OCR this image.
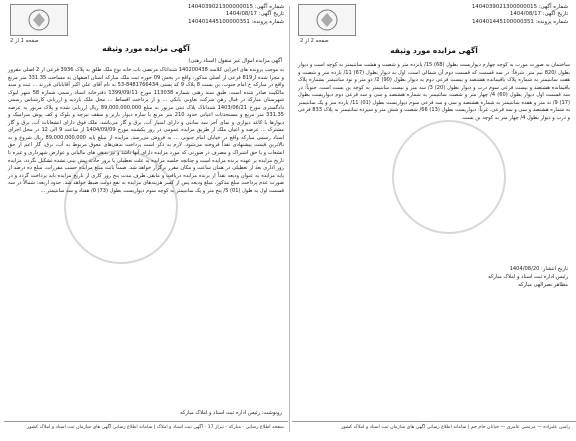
شماره آگهی: 1404039021300000015
تاریخ آگهی: 1404/08/17
شماره پرونده: 140401445100000351
صفحه 1 از 2
آگهی مزایده مورد وثیقه
آگهی مزایده اموال غیر منقول (اسناد رهنی)
به موجب پرونده های اجرایی کلاسه 140200438 شنداناک مرتضی باب خانه نوع ملک طلق به پلاک 3936 فرعی از 2 اصلی مفروز و مجزا شده از819 فرعی از اصلی مذکور، واقع در بخش 09 حوزه ثبت ملک مبارکه استان اصفهان به مساحت 331.35 متر مربع واقع در مبارکه خ امام جنوب، بن بست 8 پلاک 9 کد پستی 8481766434-53 به نام آقای علی اکبر آقابابائی فرزند ... ثبت و سند مالکیت صادر شده است. طبق سند رهنی شماره 113038 مورخ 1399/09/11 دفترخانه اسناد رسمی شماره 58 شهر لیوک شهرستان مبارکه در قبال رهن شرکت تعاونی بانکی ... و از پرداخت اقساط ... محل ملک بازدید و ارزیابی کارشناس رسمی دادگستری مورخ 1403/06/21 شنداناک پلاک ثبتی مزبور به مبلغ 89,000,000,000 ریال ارزیابی شده و پلاک مزبور به عرصه 331.35 متر مربع و مستحدثات اعیانی حدود 210 متر مربع با سازه دیوار باربر و سقف تیرچه و بلوک و کف پوش سرامیک و دیوارها با کاغذ دیواری و نمای آجر سه سانتی و دارای امتیاز آب، برق و گاز می‌باشد. ملک فوق دارای انشعابات آب، برق و گاز مشترک ... عرصه و اعیان ملک از طریق مزایده عمومی در روز یکشنبه مورخ 1404/09/09 از ساعت 9 الی 12 در محل اجرای اسناد رسمی مبارکه واقع در خیابان امام جنوبی ... به فروش می‌رسد. مزایده از مبلغ پایه 89,000,000,000 ریال شروع و به بالاترین قیمت پیشنهادی نقداً فروخته می‌شود. لازم به ذکر است پرداخت بدهی‌های معوق مربوط به آب، برق، گاز اعم از حق انشعاب و یا حق اشتراک و مصرف در صورتی که مورد مزایده دارای آنها باشد و نیز بدهی های مالیاتی و عوارض شهرداری و غیره تا تاریخ مزایده بر عهده برنده مزایده است و چنانچه جلسه مزایده به علت تعطیلی یا بروز حادثه پیش بینی نشده تشکیل نگردد، مزایده روز اداری بعد از تعطیلی در همان ساعت و مکان مقرر برگزار خواهد شد. ضمناً بابت مبلغ مزایده حسب مقررات، مبلغ ده درصد از پایه مزایده به عنوان ودیعه نقداً از برنده مزایده دریافت و مابقی ظرف مدت پنج روز کاری از تاریخ مزایده باید پرداخت گردد و در صورت عدم پرداخت مبلغ مذکور، مبلغ ودیعه پس از کسر هزینه‌های مزایده به نفع دولت ضبط خواهد شد. حدود اربعه: شمالاً در سه قسمت اول به طول (01) 5/ پنج متر و یک سانتیمتر به کوچه سوم دیواریست بطول (73) 0/ هفتاد و سه سانتیمتر ...
رونوشت: رئیس اداره ثبت اسناد و املاک مبارکه
صفحه اطلاع رسانی - مبارکه - تیراژ 17 - آگهی ثبت اسناد و املاک | سامانه اطلاع رسانی آگهی های سازمان ثبت اسناد و املاک کشور
شماره آگهی: 1404039021300000015
تاریخ آگهی: 1404/08/17
شماره پرونده: 140401445100000351
صفحه 2 از 2
آگهی مزایده مورد وثیقه
ساختمان به صورت مورب به کوچه چهارم دیوار‌یست بطول (68) 15/ پانزده متر و شصت و هشت سانتیمتر به کوچه است و دیوار بطول /820 نیم متر. شرقاً: در سه قسمت که قسمت دوم آن شمالی است، اول به دیوار بطول (67) 11/ یازده متر و شصت و هفت سانتیمتر به شماره پلاک باقیمانده هشتصد و بیست فرعی دوم به دیوار بطول (90) 2/ دو متر و نود سانتیمتر بشماره پلاک باقیمانده هشتصد و بیست فرعی سوم درب و دیوار بطول (20) 3/ سه متر و بیست سانتیمتر به کوچه بن بست است. جنوباً: در سه قسمت اول دیوار بطول (60) 4/ چهار متر و شصت سانتیمتر به شماره هشتصد و سی و سه فرعی دوم دیواریست بطول (17) 9/ نه متر و هفده سانتیمتر به شماره هشتصد و سی و سه فرعی سوم دیواریست بطول (01) 11/ یازده متر و یک سانتیمتر به شماره هشتصد و سی و سه فرعی. غرباً: دیواریست بطول (13) 66/ شصت و شش متر و سیزده سانتیمتر به پلاک 833 فرعی و درب و دیوار بطول 4/ چهار متر به کوچه بن بست.
تاریخ انتشار: 1404/08/20
رئیس اداره ثبت اسناد و املاک مبارکه
مظاهر نصرالهی مبارکه
رامین علیزاده — مرتضی عامری — خیابان جام جم | سامانه اطلاع رسانی آگهی های سازمان ثبت اسناد و املاک کشور
